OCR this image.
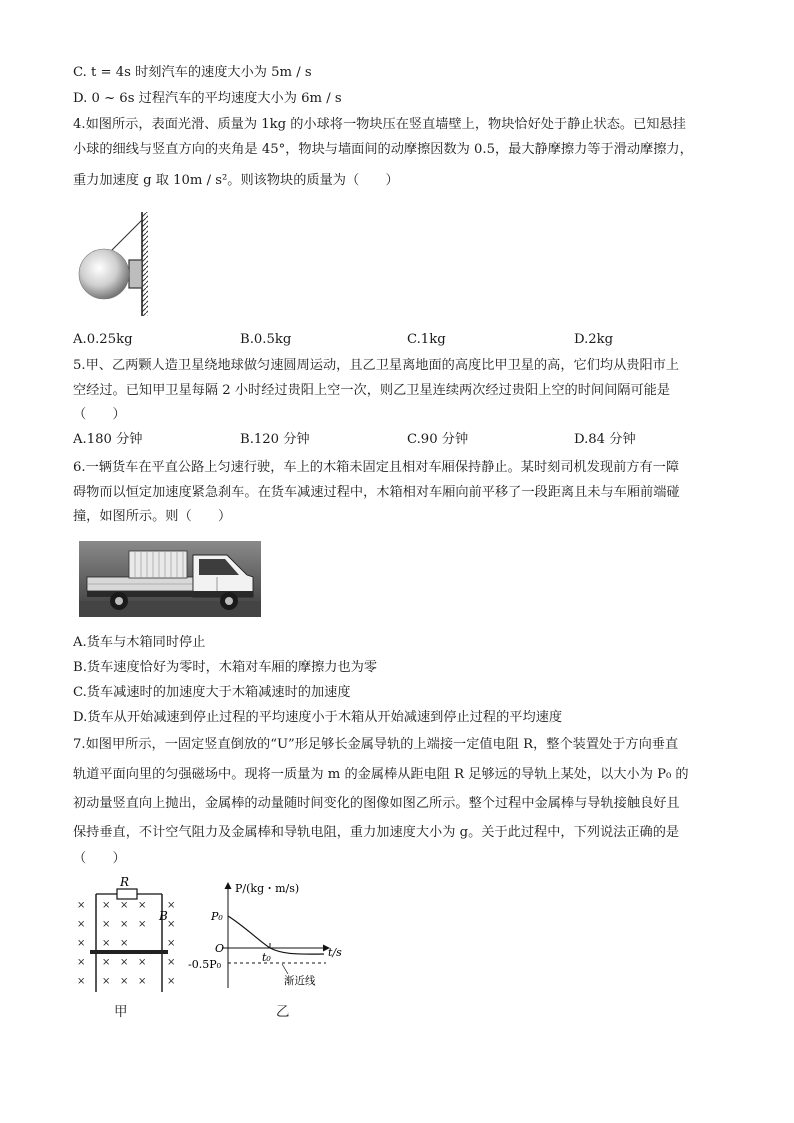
C. t = 4s 时刻汽车的速度大小为 5m / s
D. 0 ~ 6s 过程汽车的平均速度大小为 6m / s
4.如图所示，表面光滑、质量为 1kg 的小球将一物块压在竖直墙壁上，物块恰好处于静止状态。已知悬挂
小球的细线与竖直方向的夹角是 45°，物块与墙面间的动摩擦因数为 0.5，最大静摩擦力等于滑动摩擦力，
重力加速度 g 取 10m / s²。则该物块的质量为（　　）
A.0.25kg	B.0.5kg	C.1kg	D.2kg
5.甲、乙两颗人造卫星绕地球做匀速圆周运动，且乙卫星离地面的高度比甲卫星的高，它们均从贵阳市上
空经过。已知甲卫星每隔 2 小时经过贵阳上空一次，则乙卫星连续两次经过贵阳上空的时间间隔可能是
（　　）
A.180 分钟	B.120 分钟	C.90 分钟	D.84 分钟
6.一辆货车在平直公路上匀速行驶，车上的木箱未固定且相对车厢保持静止。某时刻司机发现前方有一障
碍物而以恒定加速度紧急刹车。在货车减速过程中，木箱相对车厢向前平移了一段距离且未与车厢前端碰
撞，如图所示。则（　　）
A.货车与木箱同时停止
B.货车速度恰好为零时，木箱对车厢的摩擦力也为零
C.货车减速时的加速度大于木箱减速时的加速度
D.货车从开始减速到停止过程的平均速度小于木箱从开始减速到停止过程的平均速度
7.如图甲所示，一固定竖直倒放的“U”形足够长金属导轨的上端接一定值电阻 R，整个装置处于方向垂直
轨道平面向里的匀强磁场中。现将一质量为 m 的金属棒从距电阻 R 足够远的导轨上某处，以大小为 P₀ 的
初动量竖直向上抛出，金属棒的动量随时间变化的图像如图乙所示。整个过程中金属棒与导轨接触良好且
保持垂直，不计空气阻力及金属棒和导轨电阻，重力加速度大小为 g。关于此过程中，下列说法正确的是
（　　）
R
B
×
×
×
×
×
×
×
×
×
×
×
×
×
×
×
×
×
×
×
×
×
×
×
×
甲
P/(kg・m/s)
P₀
O	t/s
-0.5P₀
t₀
渐近线
乙
